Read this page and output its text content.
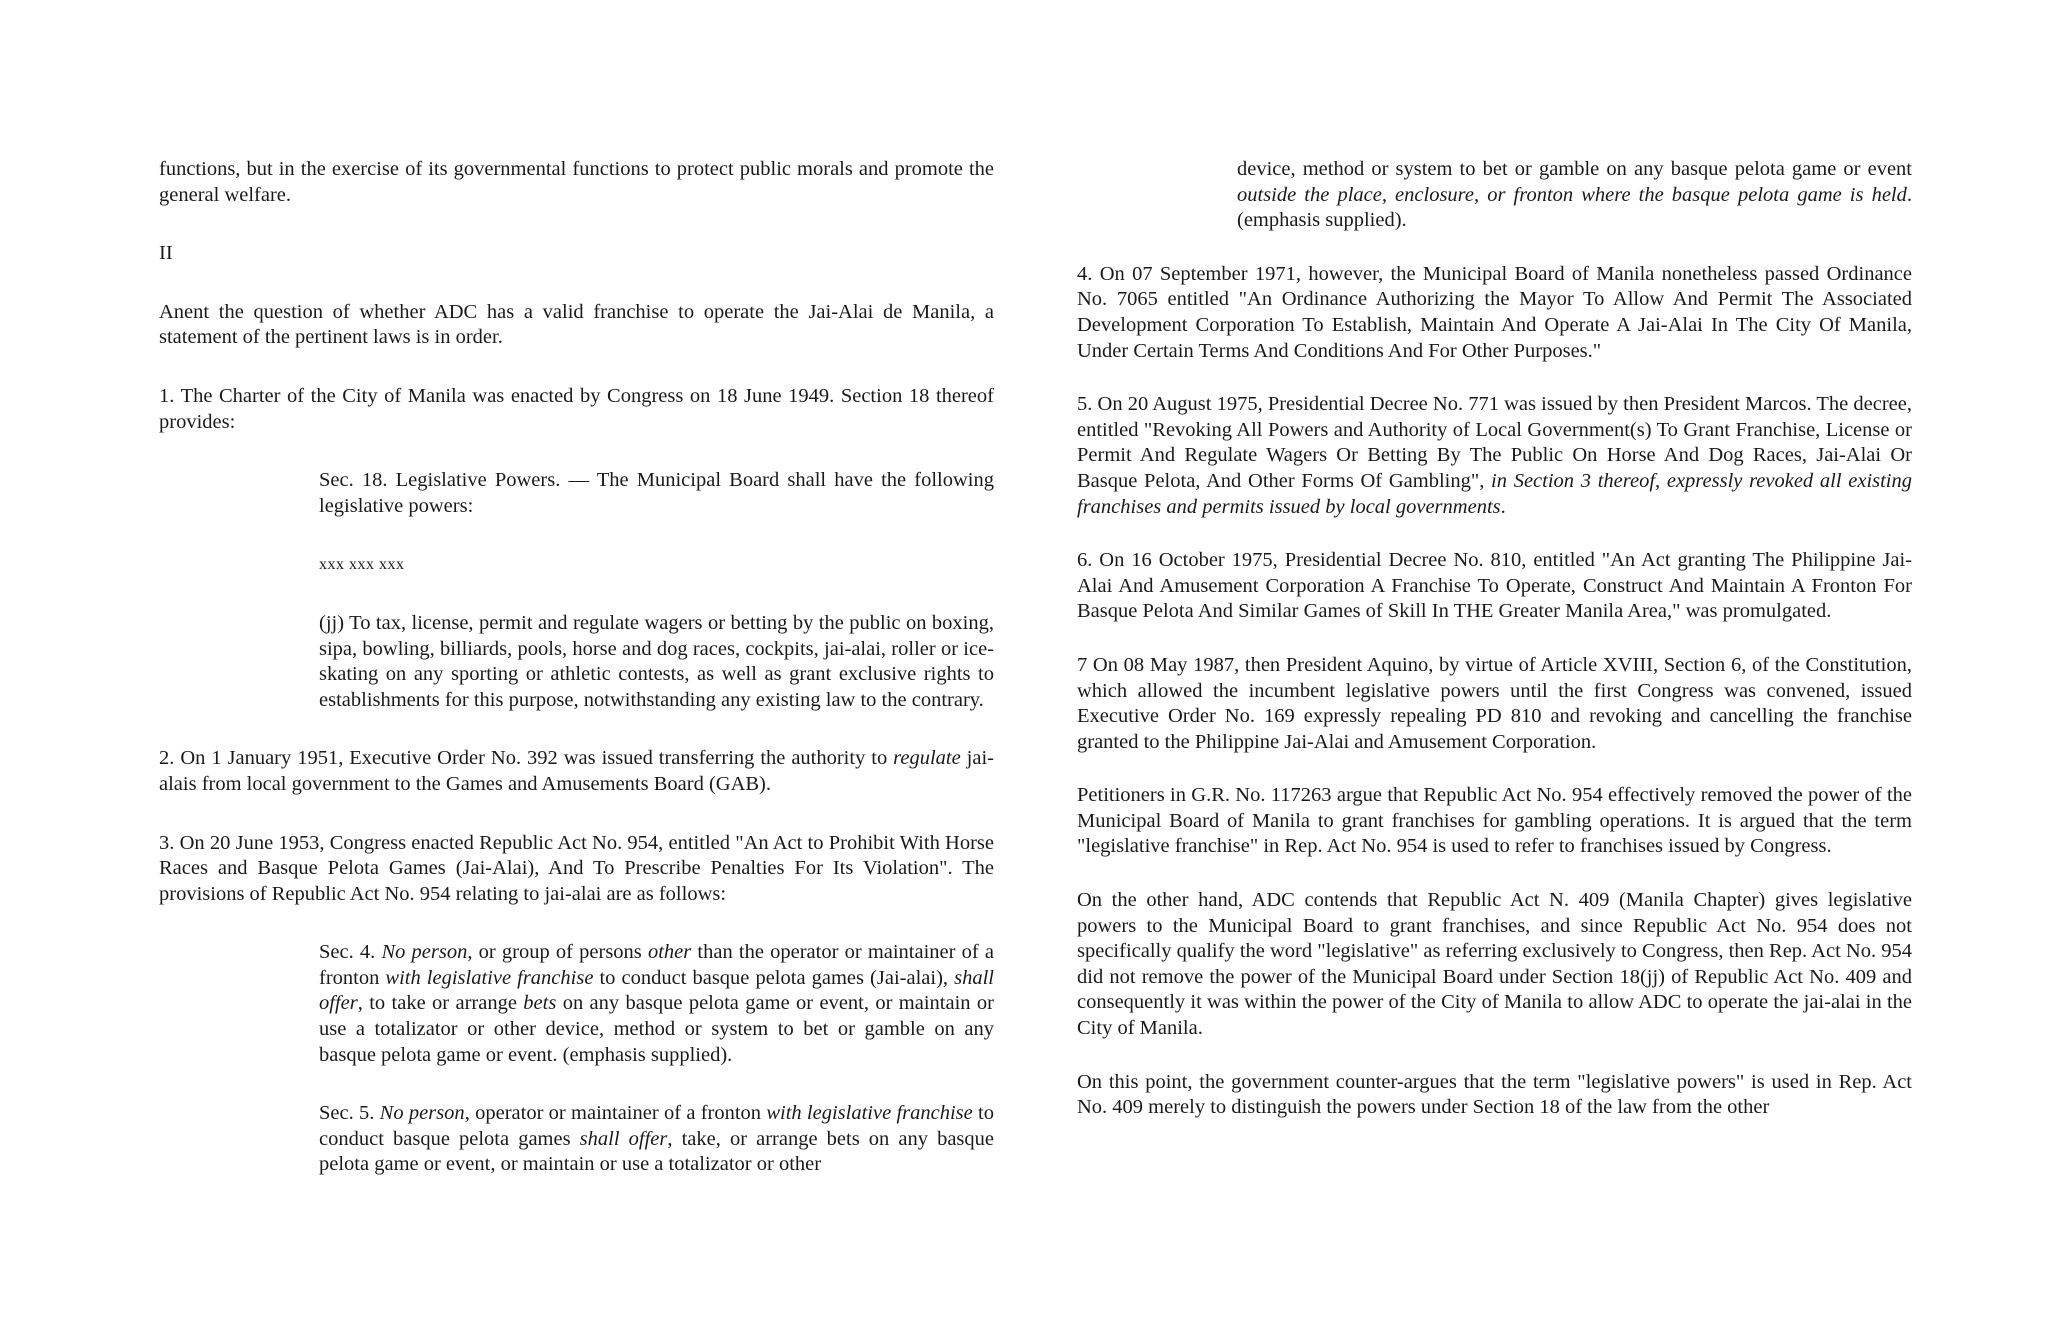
functions, but in the exercise of its governmental functions to protect public morals and promote the general welfare.

II

Anent the question of whether ADC has a valid franchise to operate the Jai-Alai de Manila, a statement of the pertinent laws is in order.

1. The Charter of the City of Manila was enacted by Congress on 18 June 1949. Section 18 thereof provides:

Sec. 18. Legislative Powers. — The Municipal Board shall have the following legislative powers:

xxx xxx xxx

(jj) To tax, license, permit and regulate wagers or betting by the public on boxing, sipa, bowling, billiards, pools, horse and dog races, cockpits, jai-alai, roller or ice-skating on any sporting or athletic contests, as well as grant exclusive rights to establishments for this purpose, notwithstanding any existing law to the contrary.

2. On 1 January 1951, Executive Order No. 392 was issued transferring the authority to regulate jai-alais from local government to the Games and Amusements Board (GAB).

3. On 20 June 1953, Congress enacted Republic Act No. 954, entitled "An Act to Prohibit With Horse Races and Basque Pelota Games (Jai-Alai), And To Prescribe Penalties For Its Violation". The provisions of Republic Act No. 954 relating to jai-alai are as follows:

Sec. 4. No person, or group of persons other than the operator or maintainer of a fronton with legislative franchise to conduct basque pelota games (Jai-alai), shall offer, to take or arrange bets on any basque pelota game or event, or maintain or use a totalizator or other device, method or system to bet or gamble on any basque pelota game or event. (emphasis supplied).

Sec. 5. No person, operator or maintainer of a fronton with legislative franchise to conduct basque pelota games shall offer, take, or arrange bets on any basque pelota game or event, or maintain or use a totalizator or other

device, method or system to bet or gamble on any basque pelota game or event outside the place, enclosure, or fronton where the basque pelota game is held. (emphasis supplied).

4. On 07 September 1971, however, the Municipal Board of Manila nonetheless passed Ordinance No. 7065 entitled "An Ordinance Authorizing the Mayor To Allow And Permit The Associated Development Corporation To Establish, Maintain And Operate A Jai-Alai In The City Of Manila, Under Certain Terms And Conditions And For Other Purposes."

5. On 20 August 1975, Presidential Decree No. 771 was issued by then President Marcos. The decree, entitled "Revoking All Powers and Authority of Local Government(s) To Grant Franchise, License or Permit And Regulate Wagers Or Betting By The Public On Horse And Dog Races, Jai-Alai Or Basque Pelota, And Other Forms Of Gambling", in Section 3 thereof, expressly revoked all existing franchises and permits issued by local governments.

6. On 16 October 1975, Presidential Decree No. 810, entitled "An Act granting The Philippine Jai-Alai And Amusement Corporation A Franchise To Operate, Construct And Maintain A Fronton For Basque Pelota And Similar Games of Skill In THE Greater Manila Area," was promulgated.

7 On 08 May 1987, then President Aquino, by virtue of Article XVIII, Section 6, of the Constitution, which allowed the incumbent legislative powers until the first Congress was convened, issued Executive Order No. 169 expressly repealing PD 810 and revoking and cancelling the franchise granted to the Philippine Jai-Alai and Amusement Corporation.

Petitioners in G.R. No. 117263 argue that Republic Act No. 954 effectively removed the power of the Municipal Board of Manila to grant franchises for gambling operations. It is argued that the term "legislative franchise" in Rep. Act No. 954 is used to refer to franchises issued by Congress.

On the other hand, ADC contends that Republic Act N. 409 (Manila Chapter) gives legislative powers to the Municipal Board to grant franchises, and since Republic Act No. 954 does not specifically qualify the word "legislative" as referring exclusively to Congress, then Rep. Act No. 954 did not remove the power of the Municipal Board under Section 18(jj) of Republic Act No. 409 and consequently it was within the power of the City of Manila to allow ADC to operate the jai-alai in the City of Manila.

On this point, the government counter-argues that the term "legislative powers" is used in Rep. Act No. 409 merely to distinguish the powers under Section 18 of the law from the other
